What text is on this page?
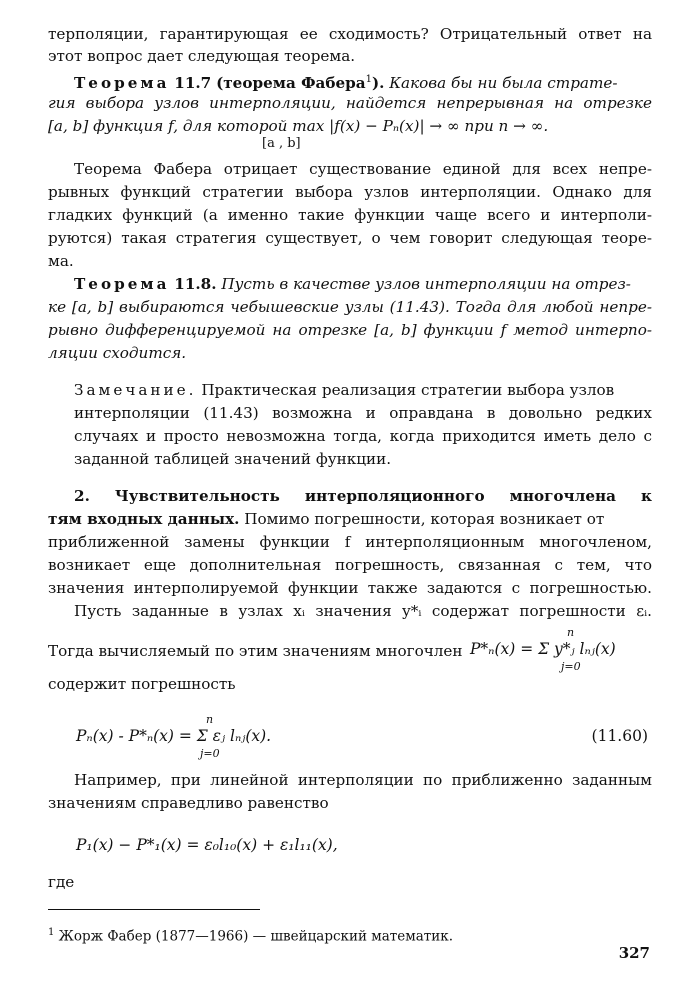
терполяции, гарантирующая ее сходимость? Отрицательный ответ на
этот вопрос дает следующая теорема.
Теорема 11.7 (теорема Фабера$^1$). Какова бы ни была страте-
гия выбора узлов интерполяции, найдется непрерывная на отрезке
[a, b] функция f, для которой max |f(x) − Pₙ(x)| → ∞ при n → ∞.
[a , b]
Теорема Фабера отрицает существование единой для всех непре-
рывных функций стратегии выбора узлов интерполяции. Однако для
гладких функций (а именно такие функции чаще всего и интерполи-
руются) такая стратегия существует, о чем говорит следующая теоре-
ма.
Теорема 11.8. Пусть в качестве узлов интерполяции на отрез-
ке [a, b] выбираются чебышевские узлы (11.43). Тогда для любой непре-
рывно дифференцируемой на отрезке [a, b] функции f метод интерпо-
ляции сходится.
Замечание. Практическая реализация стратегии выбора узлов
интерполяции (11.43) возможна и оправдана в довольно редких
случаях и просто невозможна тогда, когда приходится иметь дело с
заданной таблицей значений функции.
2. Чувствительность интерполяционного многочлена к
тям входных данных. Помимо погрешности, которая возникает от
приближенной замены функции f интерполяционным многочленом,
возникает еще дополнительная погрешность, связанная с тем, что
значения интерполируемой функции также задаются с погрешностью.
Пусть заданные в узлах xᵢ значения y*ᵢ содержат погрешности εᵢ.
Тогда вычисляемый по этим значениям многочлен P*ₙ(x) = Σ y*ⱼ lₙⱼ(x)
n
j=0
содержит погрешность
Pₙ(x) - P*ₙ(x) = Σ εⱼ lₙⱼ(x).
n
j=0
(11.60)
Например, при линейной интерполяции по приближенно заданным
значениям справедливо равенство
P₁(x) − P*₁(x) = ε₀l₁₀(x) + ε₁l₁₁(x),
где
$^1$ Жорж Фабер (1877—1966) — швейцарский математик.
327
